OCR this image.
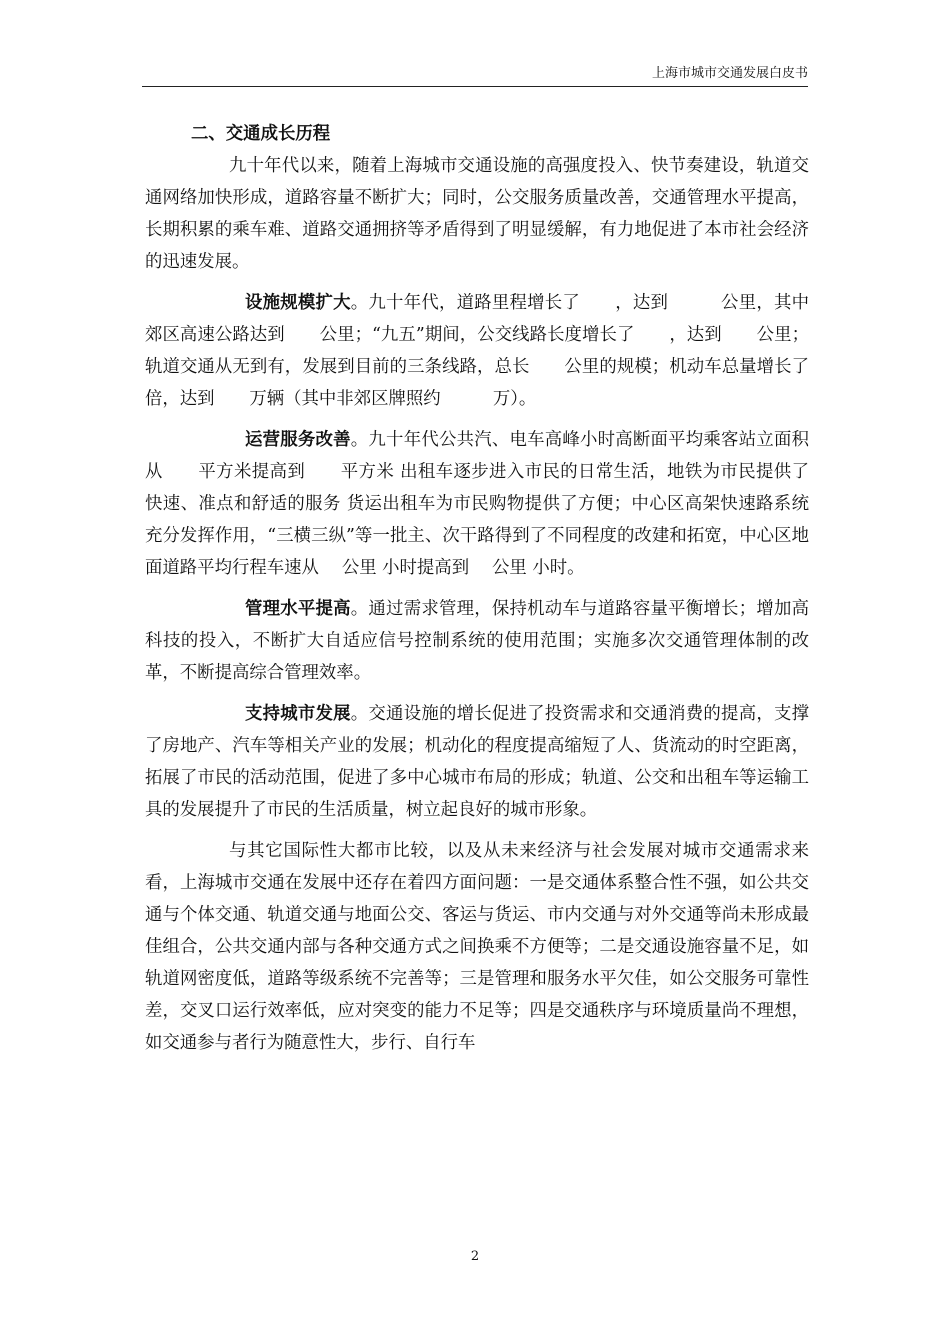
上海市城市交通发展白皮书

二、交通成长历程

九十年代以来，随着上海城市交通设施的高强度投入、快节奏建设，轨道交通网络加快形成，道路容量不断扩大；同时，公交服务质量改善，交通管理水平提高，长期积累的乘车难、道路交通拥挤等矛盾得到了明显缓解，有力地促进了本市社会经济的迅速发展。

设施规模扩大。九十年代，道路里程增长了　　，达到　　　公里，其中郊区高速公路达到　　公里；“九五”期间，公交线路长度增长了　　，达到　　公里；轨道交通从无到有，发展到目前的三条线路，总长　　公里的规模；机动车总量增长了　倍，达到　　万辆（其中非郊区牌照约　　　万）。

运营服务改善。九十年代公共汽、电车高峰小时高断面平均乘客站立面积从　　平方米提高到　　平方米 出租车逐步进入市民的日常生活，地铁为市民提供了快速、准点和舒适的服务 货运出租车为市民购物提供了方便；中心区高架快速路系统充分发挥作用，“三横三纵”等一批主、次干路得到了不同程度的改建和拓宽，中心区地面道路平均行程车速从　 公里 小时提高到　 公里 小时。

管理水平提高。通过需求管理，保持机动车与道路容量平衡增长；增加高科技的投入，不断扩大自适应信号控制系统的使用范围；实施多次交通管理体制的改革，不断提高综合管理效率。

支持城市发展。交通设施的增长促进了投资需求和交通消费的提高，支撑了房地产、汽车等相关产业的发展；机动化的程度提高缩短了人、货流动的时空距离，拓展了市民的活动范围，促进了多中心城市布局的形成；轨道、公交和出租车等运输工具的发展提升了市民的生活质量，树立起良好的城市形象。

与其它国际性大都市比较，以及从未来经济与社会发展对城市交通需求来看，上海城市交通在发展中还存在着四方面问题：一是交通体系整合性不强，如公共交通与个体交通、轨道交通与地面公交、客运与货运、市内交通与对外交通等尚未形成最佳组合，公共交通内部与各种交通方式之间换乘不方便等；二是交通设施容量不足，如轨道网密度低，道路等级系统不完善等；三是管理和服务水平欠佳，如公交服务可靠性差，交叉口运行效率低，应对突变的能力不足等；四是交通秩序与环境质量尚不理想，如交通参与者行为随意性大，步行、自行车

2
